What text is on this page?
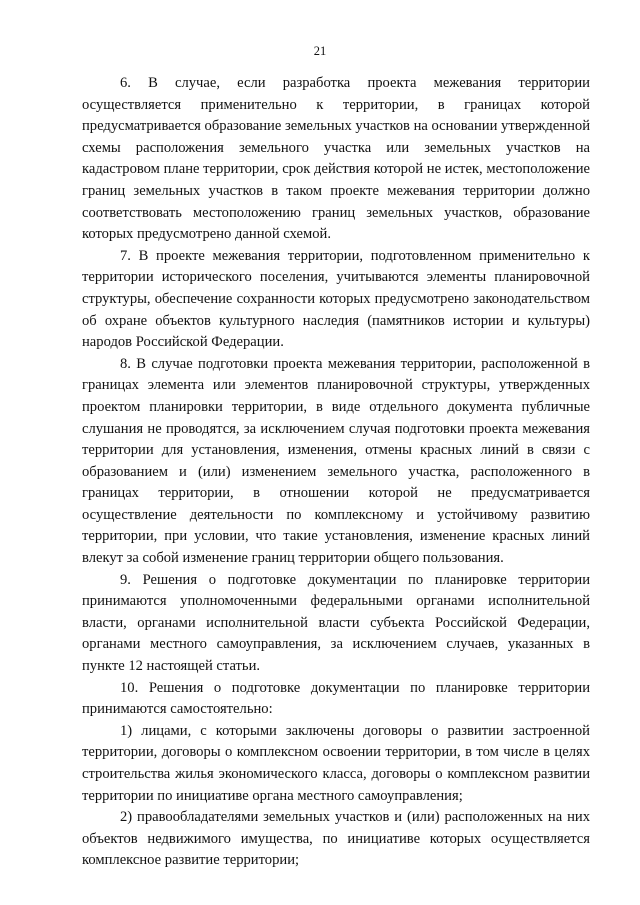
21

6. В случае, если разработка проекта межевания территории осуществляется применительно к территории, в границах которой предусматривается образование земельных участков на основании утвержденной схемы расположения земельного участка или земельных участков на кадастровом плане территории, срок действия которой не истек, местоположение границ земельных участков в таком проекте межевания территории должно соответствовать местоположению границ земельных участков, образование которых предусмотрено данной схемой.

7. В проекте межевания территории, подготовленном применительно к территории исторического поселения, учитываются элементы планировочной структуры, обеспечение сохранности которых предусмотрено законодательством об охране объектов культурного наследия (памятников истории и культуры) народов Российской Федерации.

8. В случае подготовки проекта межевания территории, расположенной в границах элемента или элементов планировочной структуры, утвержденных проектом планировки территории, в виде отдельного документа публичные слушания не проводятся, за исключением случая подготовки проекта межевания территории для установления, изменения, отмены красных линий в связи с образованием и (или) изменением земельного участка, расположенного в границах территории, в отношении которой не предусматривается осуществление деятельности по комплексному и устойчивому развитию территории, при условии, что такие установления, изменение красных линий влекут за собой изменение границ территории общего пользования.

9. Решения о подготовке документации по планировке территории принимаются уполномоченными федеральными органами исполнительной власти, органами исполнительной власти субъекта Российской Федерации, органами местного самоуправления, за исключением случаев, указанных в пункте 12 настоящей статьи.

10. Решения о подготовке документации по планировке территории принимаются самостоятельно:

1) лицами, с которыми заключены договоры о развитии застроенной территории, договоры о комплексном освоении территории, в том числе в целях строительства жилья экономического класса, договоры о комплексном развитии территории по инициативе органа местного самоуправления;

2) правообладателями земельных участков и (или) расположенных на них объектов недвижимого имущества, по инициативе которых осуществляется комплексное развитие территории;
